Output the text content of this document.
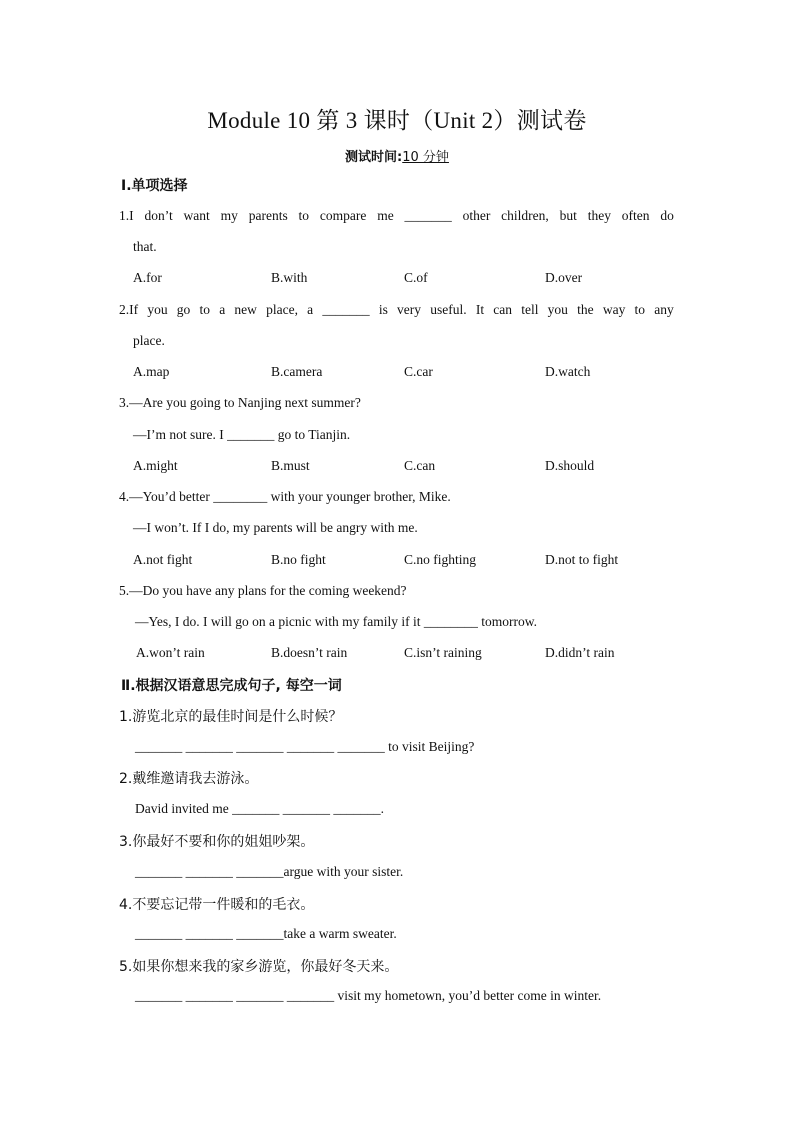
Module 10 第 3 课时（Unit 2）测试卷
测试时间:10 分钟
Ⅰ.单项选择
1.I don’t want my parents to compare me _______ other children, but they often do
that.
A.for	B.with	C.of	D.over
2.If you go to a new place, a _______ is very useful. It can tell you the way to any
place.
A.map	B.camera	C.car	D.watch
3.—Are you going to Nanjing next summer?
—I’m not sure. I _______ go to Tianjin.
A.might	B.must	C.can	D.should
4.—You’d better ________ with your younger brother, Mike.
—I won’t. If I do, my parents will be angry with me.
A.not fight	B.no fight	C.no fighting	D.not to fight
5.—Do you have any plans for the coming weekend?
—Yes, I do. I will go on a picnic with my family if it ________ tomorrow.
A.won’t rain	B.doesn’t rain	C.isn’t raining	D.didn’t rain
Ⅱ.根据汉语意思完成句子, 每空一词
1.游览北京的最佳时间是什么时候？
_______ _______ _______ _______ _______ to visit Beijing?
2.戴维邀请我去游泳。
David invited me _______ _______ _______.
3.你最好不要和你的姐姐吵架。
_______ _______ _______argue with your sister.
4.不要忘记带一件暖和的毛衣。
_______ _______ _______take a warm sweater.
5.如果你想来我的家乡游览，你最好冬天来。
_______ _______ _______ _______ visit my hometown, you’d better come in winter.
